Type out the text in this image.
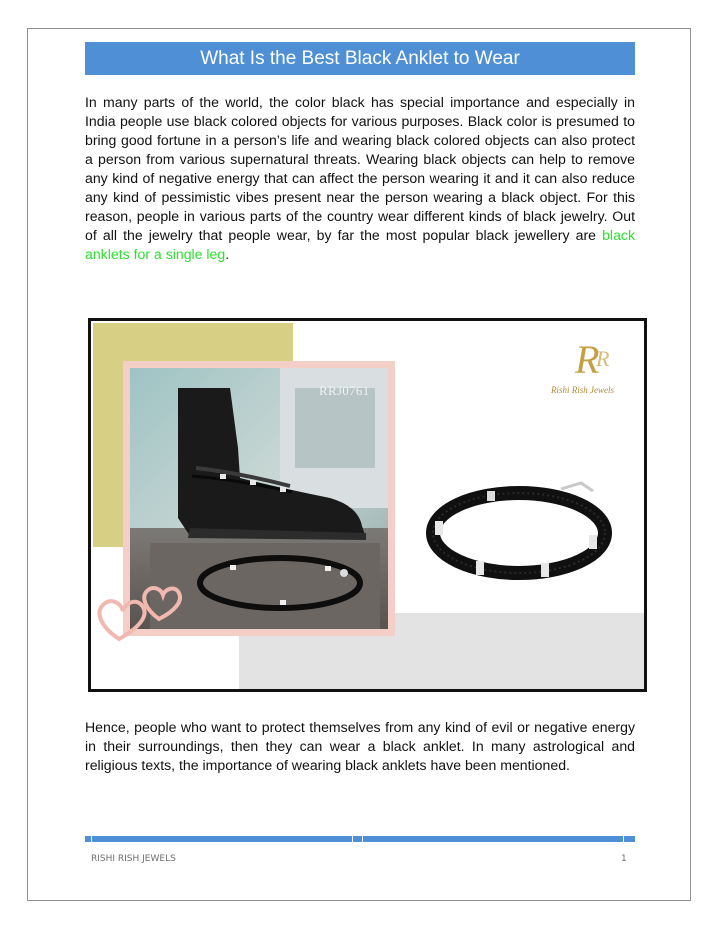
What Is the Best Black Anklet to Wear

In many parts of the world, the color black has special importance and especially in India people use black colored objects for various purposes. Black color is presumed to bring good fortune in a person’s life and wearing black colored objects can also protect a person from various supernatural threats. Wearing black objects can help to remove any kind of negative energy that can affect the person wearing it and it can also reduce any kind of pessimistic vibes present near the person wearing a black object. For this reason, people in various parts of the country wear different kinds of black jewelry. Out of all the jewelry that people wear, by far the most popular black jewellery are black anklets for a single leg.

RRJ0761
R
R
Rishi Rish Jewels

Hence, people who want to protect themselves from any kind of evil or negative energy in their surroundings, then they can wear a black anklet. In many astrological and religious texts, the importance of wearing black anklets have been mentioned.

RISHI RISH JEWELS	1
